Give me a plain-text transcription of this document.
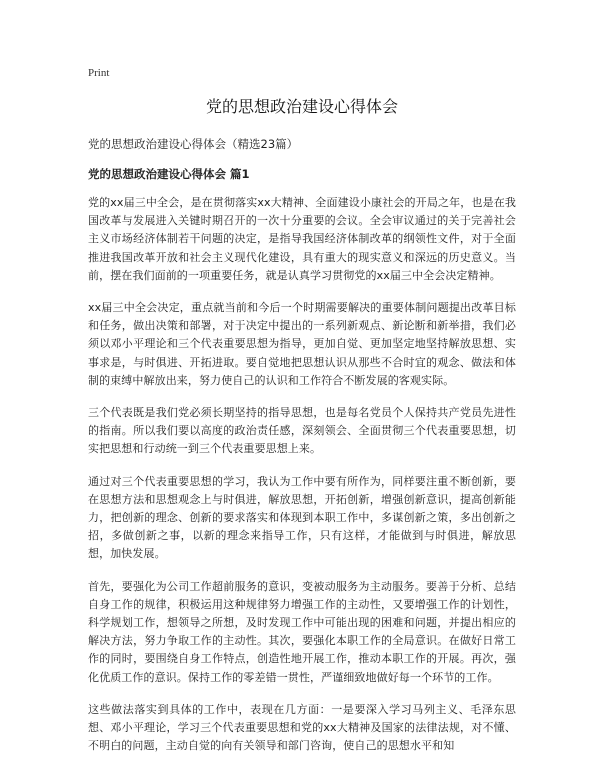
Print
党的思想政治建设心得体会
党的思想政治建设心得体会（精选23篇）
党的思想政治建设心得体会 篇1

党的xx届三中全会，是在贯彻落实xx大精神、全面建设小康社会的开局之年，也是在我国改革与发展进入关键时期召开的一次十分重要的会议。全会审议通过的关于完善社会主义市场经济体制若干问题的决定，是指导我国经济体制改革的纲领性文件，对于全面推进我国改革开放和社会主义现代化建设，具有重大的现实意义和深远的历史意义。当前，摆在我们面前的一项重要任务，就是认真学习贯彻党的xx届三中全会决定精神。

xx届三中全会决定，重点就当前和今后一个时期需要解决的重要体制问题提出改革目标和任务，做出决策和部署，对于决定中提出的一系列新观点、新论断和新举措，我们必须以邓小平理论和三个代表重要思想为指导，更加自觉、更加坚定地坚持解放思想、实事求是，与时俱进、开拓进取。要自觉地把思想认识从那些不合时宜的观念、做法和体制的束缚中解放出来，努力使自己的认识和工作符合不断发展的客观实际。

三个代表既是我们党必须长期坚持的指导思想，也是每名党员个人保持共产党员先进性的指南。所以我们要以高度的政治责任感，深刻领会、全面贯彻三个代表重要思想，切实把思想和行动统一到三个代表重要思想上来。

通过对三个代表重要思想的学习，我认为工作中要有所作为，同样要注重不断创新，要在思想方法和思想观念上与时俱进，解放思想，开拓创新，增强创新意识，提高创新能力，把创新的理念、创新的要求落实和体现到本职工作中，多谋创新之策，多出创新之招，多做创新之事，以新的理念来指导工作，只有这样，才能做到与时俱进，解放思想，加快发展。

首先，要强化为公司工作超前服务的意识，变被动服务为主动服务。要善于分析、总结自身工作的规律，积极运用这种规律努力增强工作的主动性，又要增强工作的计划性，科学规划工作，想领导之所想，及时发现工作中可能出现的困难和问题，并提出相应的解决方法，努力争取工作的主动性。其次，要强化本职工作的全局意识。在做好日常工作的同时，要围绕自身工作特点，创造性地开展工作，推动本职工作的开展。再次，强化优质工作的意识。保持工作的零差错一贯性，严谨细致地做好每一个环节的工作。

这些做法落实到具体的工作中，表现在几方面：一是要深入学习马列主义、毛泽东思想、邓小平理论，学习三个代表重要思想和党的xx大精神及国家的法律法规，对不懂、不明白的问题，主动自觉的向有关领导和部门咨询，使自己的思想水平和知
